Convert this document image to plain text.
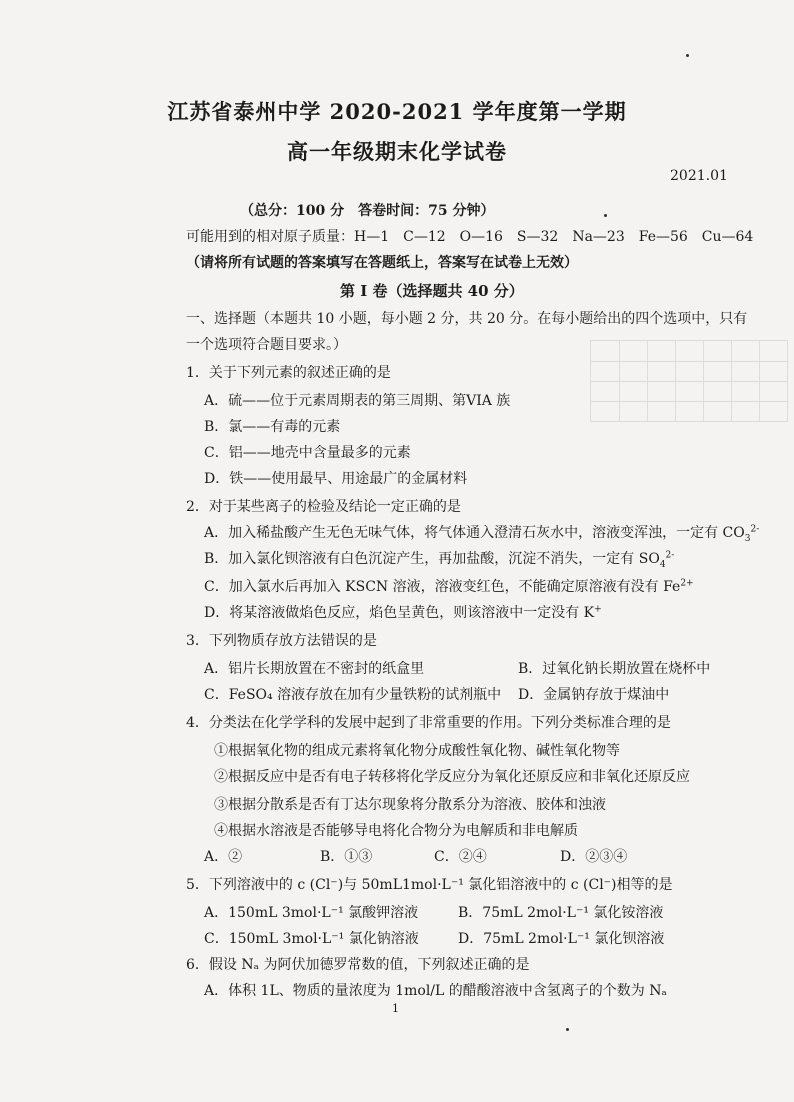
江苏省泰州中学 2020-2021 学年度第一学期
高一年级期末化学试卷
2021.01
（总分：100 分　答卷时间：75 分钟）
可能用到的相对原子质量：H—1　C—12　O—16　S—32　Na—23　Fe—56　Cu—64
（请将所有试题的答案填写在答题纸上，答案写在试卷上无效）
第 I 卷（选择题共 40 分）
一、选择题（本题共 10 小题，每小题 2 分，共 20 分。在每小题给出的四个选项中，只有
一个选项符合题目要求。）
1．关于下列元素的叙述正确的是
A．硫——位于元素周期表的第三周期、第VIA 族
B．氯——有毒的元素
C．铝——地壳中含量最多的元素
D．铁——使用最早、用途最广的金属材料
2．对于某些离子的检验及结论一定正确的是
A．加入稀盐酸产生无色无味气体，将气体通入澄清石灰水中，溶液变浑浊，一定有 $CO_3^{2-}$
B．加入氯化钡溶液有白色沉淀产生，再加盐酸，沉淀不消失，一定有 $SO_4^{2-}$
C．加入氯水后再加入 KSCN 溶液，溶液变红色，不能确定原溶液有没有 $Fe^{2+}$
D．将某溶液做焰色反应，焰色呈黄色，则该溶液中一定没有 K+
3．下列物质存放方法错误的是
A．铝片长期放置在不密封的纸盒里	B．过氧化钠长期放置在烧杯中
C．FeSO₄ 溶液存放在加有少量铁粉的试剂瓶中 D．金属钠存放于煤油中
4．分类法在化学学科的发展中起到了非常重要的作用。下列分类标准合理的是
①根据氧化物的组成元素将氧化物分成酸性氧化物、碱性氧化物等
②根据反应中是否有电子转移将化学反应分为氧化还原反应和非氧化还原反应
③根据分散系是否有丁达尔现象将分散系分为溶液、胶体和浊液
④根据水溶液是否能够导电将化合物分为电解质和非电解质
A．②	B．①③	C．②④	D．②③④
5．下列溶液中的 c (Cl⁻)与 50mL1mol·L⁻¹ 氯化铝溶液中的 c (Cl⁻)相等的是
A．150mL 3mol·L⁻¹ 氯酸钾溶液	B．75mL 2mol·L⁻¹ 氯化铵溶液
C．150mL 3mol·L⁻¹ 氯化钠溶液	D．75mL 2mol·L⁻¹ 氯化钡溶液
6．假设 Nₐ 为阿伏加德罗常数的值，下列叙述正确的是
A．体积 1L、物质的量浓度为 1mol/L 的醋酸溶液中含氢离子的个数为 Nₐ
1
